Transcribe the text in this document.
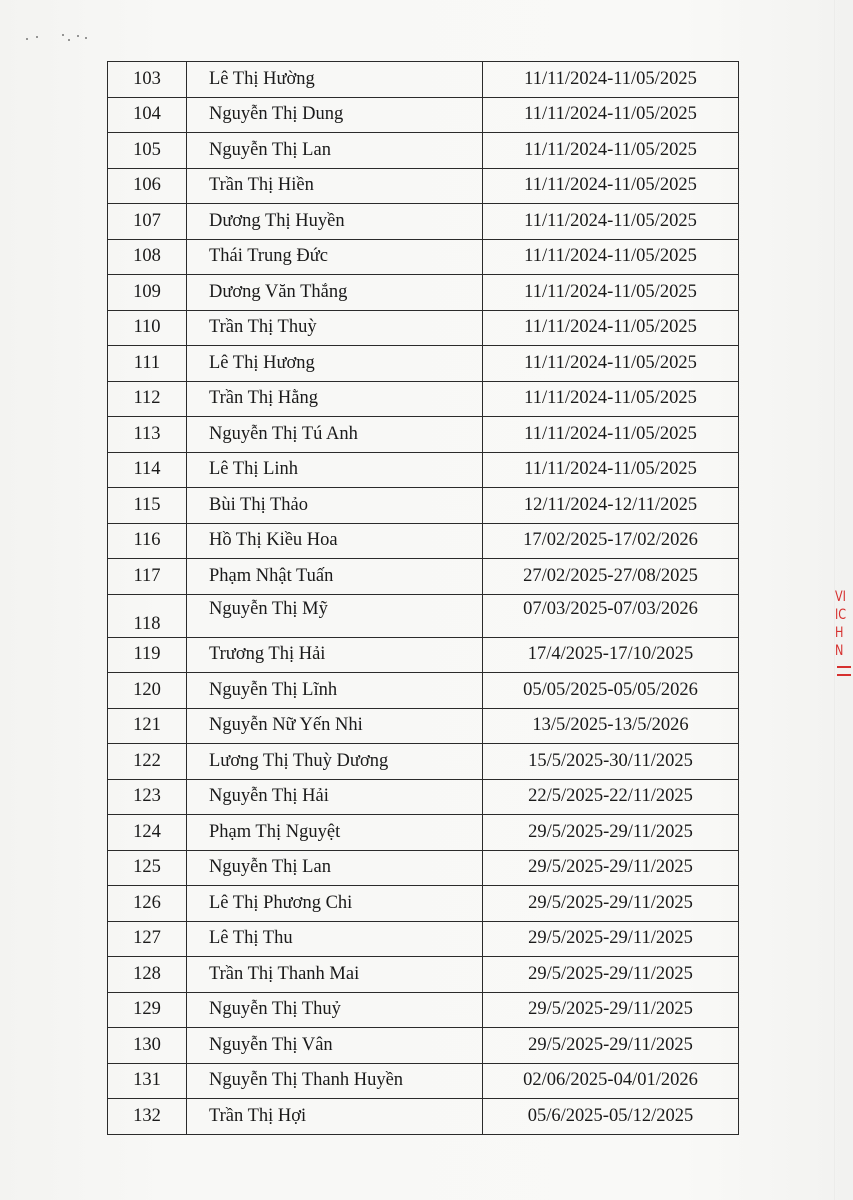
103	Lê Thị Hường	11/11/2024-11/05/2025
104	Nguyễn Thị Dung	11/11/2024-11/05/2025
105	Nguyễn Thị Lan	11/11/2024-11/05/2025
106	Trần Thị Hiền	11/11/2024-11/05/2025
107	Dương Thị Huyền	11/11/2024-11/05/2025
108	Thái Trung Đức	11/11/2024-11/05/2025
109	Dương Văn Thắng	11/11/2024-11/05/2025
110	Trần Thị Thuỳ	11/11/2024-11/05/2025
111	Lê Thị Hương	11/11/2024-11/05/2025
112	Trần Thị Hằng	11/11/2024-11/05/2025
113	Nguyễn Thị Tú Anh	11/11/2024-11/05/2025
114	Lê Thị Linh	11/11/2024-11/05/2025
115	Bùi Thị Thảo	12/11/2024-12/11/2025
116	Hồ Thị Kiều Hoa	17/02/2025-17/02/2026
117	Phạm Nhật Tuấn	27/02/2025-27/08/2025
118	Nguyễn Thị Mỹ	07/03/2025-07/03/2026
119	Trương Thị Hải	17/4/2025-17/10/2025
120	Nguyễn Thị Lĩnh	05/05/2025-05/05/2026
121	Nguyễn Nữ Yến Nhi	13/5/2025-13/5/2026
122	Lương Thị Thuỳ Dương	15/5/2025-30/11/2025
123	Nguyễn Thị Hải	22/5/2025-22/11/2025
124	Phạm Thị Nguyệt	29/5/2025-29/11/2025
125	Nguyễn Thị Lan	29/5/2025-29/11/2025
126	Lê Thị Phương Chi	29/5/2025-29/11/2025
127	Lê Thị Thu	29/5/2025-29/11/2025
128	Trần Thị Thanh Mai	29/5/2025-29/11/2025
129	Nguyễn Thị Thuỷ	29/5/2025-29/11/2025
130	Nguyễn Thị Vân	29/5/2025-29/11/2025
131	Nguyễn Thị Thanh Huyền	02/06/2025-04/01/2026
132	Trần Thị Hợi	05/6/2025-05/12/2025
VI
IC
H
N
